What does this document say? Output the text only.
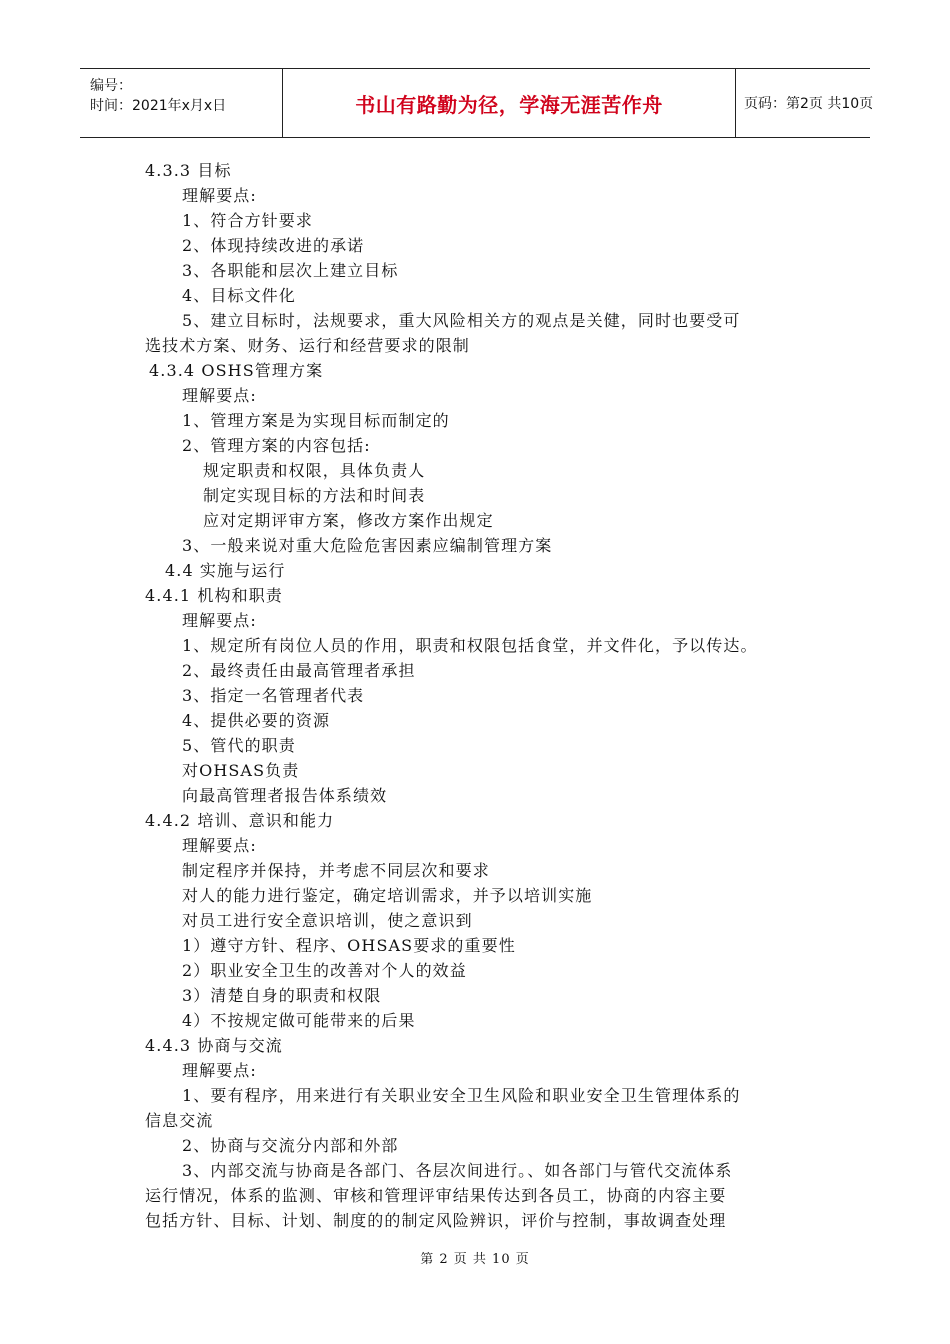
编号：
时间：2021年x月x日	书山有路勤为径，学海无涯苦作舟	页码：第2页 共10页
4.3.3 目标
理解要点:
1、符合方针要求
2、体现持续改进的承诺
3、各职能和层次上建立目标
4、目标文件化
5、建立目标时，法规要求，重大风险相关方的观点是关健，同时也要受可
选技术方案、财务、运行和经营要求的限制
4.3.4 OSHS管理方案
理解要点:
1、管理方案是为实现目标而制定的
2、管理方案的内容包括:
规定职责和权限，具体负责人
制定实现目标的方法和时间表
应对定期评审方案，修改方案作出规定
3、一般来说对重大危险危害因素应编制管理方案
4.4 实施与运行
4.4.1 机构和职责
理解要点:
1、规定所有岗位人员的作用，职责和权限包括食堂，并文件化，予以传达。
2、最终责任由最高管理者承担
3、指定一名管理者代表
4、提供必要的资源
5、管代的职责
对OHSAS负责
向最高管理者报告体系绩效
4.4.2 培训、意识和能力
理解要点:
制定程序并保持，并考虑不同层次和要求
对人的能力进行鉴定，确定培训需求，并予以培训实施
对员工进行安全意识培训，使之意识到
1）遵守方针、程序、OHSAS要求的重要性
2）职业安全卫生的改善对个人的效益
3）清楚自身的职责和权限
4）不按规定做可能带来的后果
4.4.3 协商与交流
理解要点:
1、要有程序，用来进行有关职业安全卫生风险和职业安全卫生管理体系的
信息交流
2、协商与交流分内部和外部
3、内部交流与协商是各部门、各层次间进行。、如各部门与管代交流体系
运行情况，体系的监测、审核和管理评审结果传达到各员工，协商的内容主要
包括方针、目标、计划、制度的的制定风险辨识，评价与控制，事故调查处理
第 2 页 共 10 页
